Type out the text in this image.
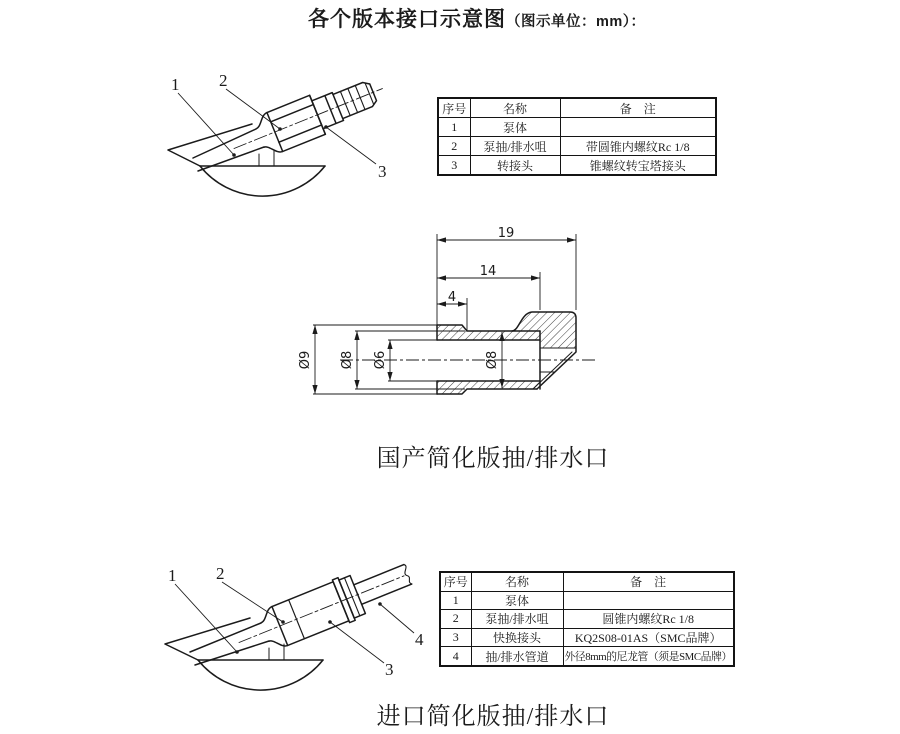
各个版本接口示意图（图示单位：mm）：
1 2
3
序号	名称	备　注
1	泵体	
2	泵抽/排水咀	带圆锥内螺纹Rc 1/8
3	转接头	锥螺纹转宝塔接头
19
14
4
Ø9 Ø8 Ø6	Ø8
国产简化版抽/排水口
1 2
3
4
序号	名称	备　注
1	泵体	
2	泵抽/排水咀	圆锥内螺纹Rc 1/8
3	快换接头	KQ2S08-01AS（SMC品牌）
4	抽/排水管道	外径8mm的尼龙管（须是SMC品牌）
进口简化版抽/排水口
